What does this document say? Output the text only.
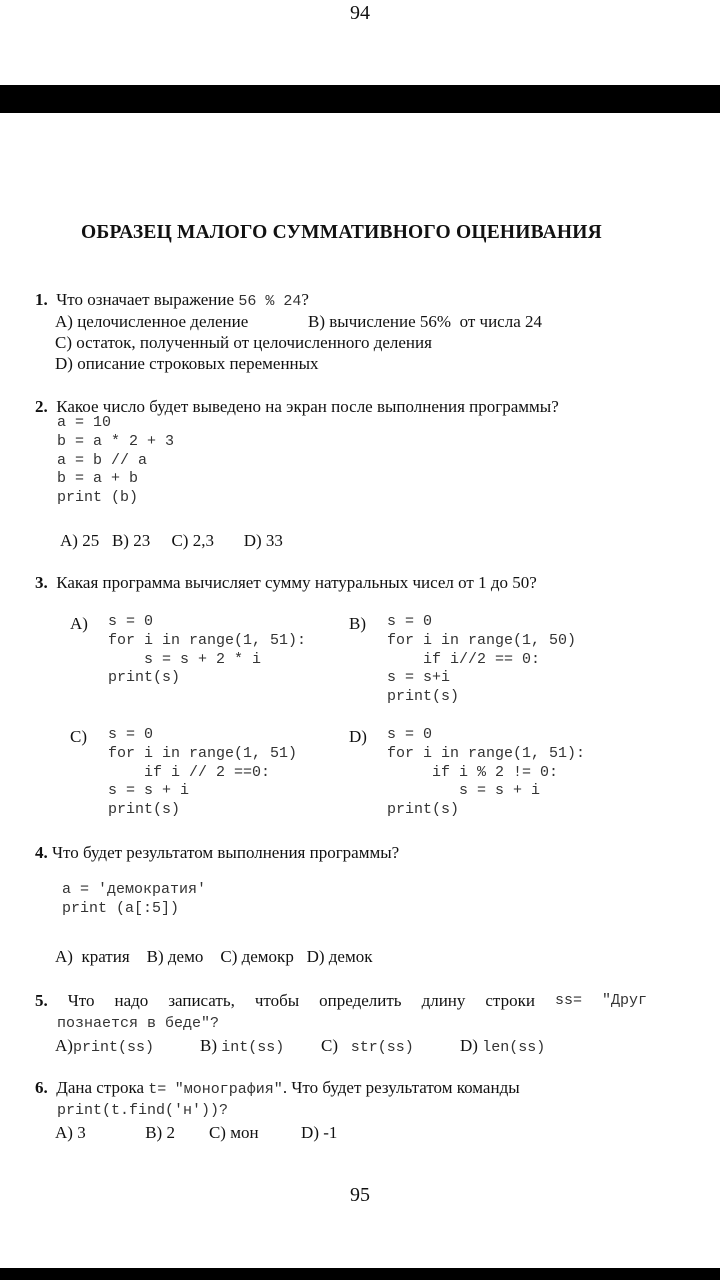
94
ОБРАЗЕЦ МАЛОГО СУММАТИВНОГО ОЦЕНИВАНИЯ
1. Что означает выражение 56 % 24?
A) целочисленное деление	B) вычисление 56%  от числа 24
C) остаток, полученный от целочисленного деления
D) описание строковых переменных
2. Какое число будет выведено на экран после выполнения программы?
a = 10
b = a * 2 + 3
a = b // a
b = a + b
print (b)
A) 25   B) 23     C) 2,3       D) 33
3. Какая программа вычисляет сумму натуральных чисел от 1 до 50?
A) s = 0
for i in range(1, 51):
s = s + 2 * i
print(s)
B) s = 0
for i in range(1, 50)
if i//2 == 0:
s = s+i
print(s)
C) s = 0
for i in range(1, 51)
if i // 2 ==0:
s = s + i
print(s)
D) s = 0
for i in range(1, 51):
if i % 2 != 0:
s = s + i
print(s)
4. Что будет результатом выполнения программы?
a = 'демократия'
print (a[:5])
A)  кратия    B) демо    C) демокр   D) демок
5. Что надо записать, чтобы определить длину строки ss= "Друг
познается в беде"?
A)print(ss)	B) int(ss) C) str(ss)	D) len(ss)
6. Дана строка t= "монография". Что будет результатом команды
print(t.find('н'))?
A) 3              B) 2        C) мон          D) -1
95
